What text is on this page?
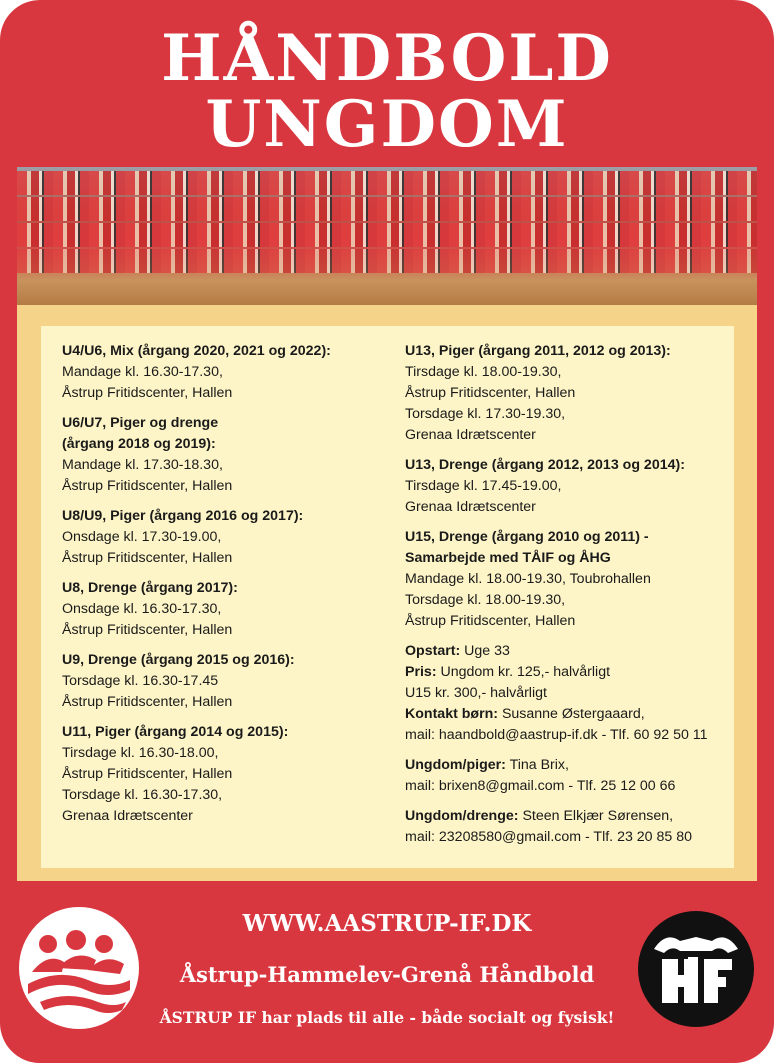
HÅNDBOLD
UNGDOM
U4/U6, Mix (årgang 2020, 2021 og 2022):
Mandage kl. 16.30-17.30,
Åstrup Fritidscenter, Hallen
U6/U7, Piger og drenge (årgang 2018 og 2019):
Mandage kl. 17.30-18.30,
Åstrup Fritidscenter, Hallen
U8/U9, Piger (årgang 2016 og 2017):
Onsdage kl. 17.30-19.00,
Åstrup Fritidscenter, Hallen
U8, Drenge (årgang 2017):
Onsdage kl. 16.30-17.30,
Åstrup Fritidscenter, Hallen
U9, Drenge (årgang 2015 og 2016):
Torsdage kl. 16.30-17.45
Åstrup Fritidscenter, Hallen
U11, Piger (årgang 2014 og 2015):
Tirsdage kl. 16.30-18.00,
Åstrup Fritidscenter, Hallen
Torsdage kl. 16.30-17.30,
Grenaa Idrætscenter
U13, Piger (årgang 2011, 2012 og 2013):
Tirsdage kl. 18.00-19.30,
Åstrup Fritidscenter, Hallen
Torsdage kl. 17.30-19.30,
Grenaa Idrætscenter
U13, Drenge (årgang 2012, 2013 og 2014):
Tirsdage kl. 17.45-19.00,
Grenaa Idrætscenter
U15, Drenge (årgang 2010 og 2011) - Samarbejde med TÅIF og ÅHG
Mandage kl. 18.00-19.30, Toubrohallen
Torsdage kl. 18.00-19.30,
Åstrup Fritidscenter, Hallen
Opstart: Uge 33
Pris: Ungdom kr. 125,- halvårligt
U15 kr. 300,- halvårligt
Kontakt børn: Susanne Østergaaard,
mail: haandbold@aastrup-if.dk - Tlf. 60 92 50 11
Ungdom/piger: Tina Brix,
mail: brixen8@gmail.com - Tlf. 25 12 00 66
Ungdom/drenge: Steen Elkjær Sørensen,
mail: 23208580@gmail.com - Tlf. 23 20 85 80
WWW.AASTRUP-IF.DK
Åstrup-Hammelev-Grenå Håndbold
ÅSTRUP IF har plads til alle - både socialt og fysisk!
